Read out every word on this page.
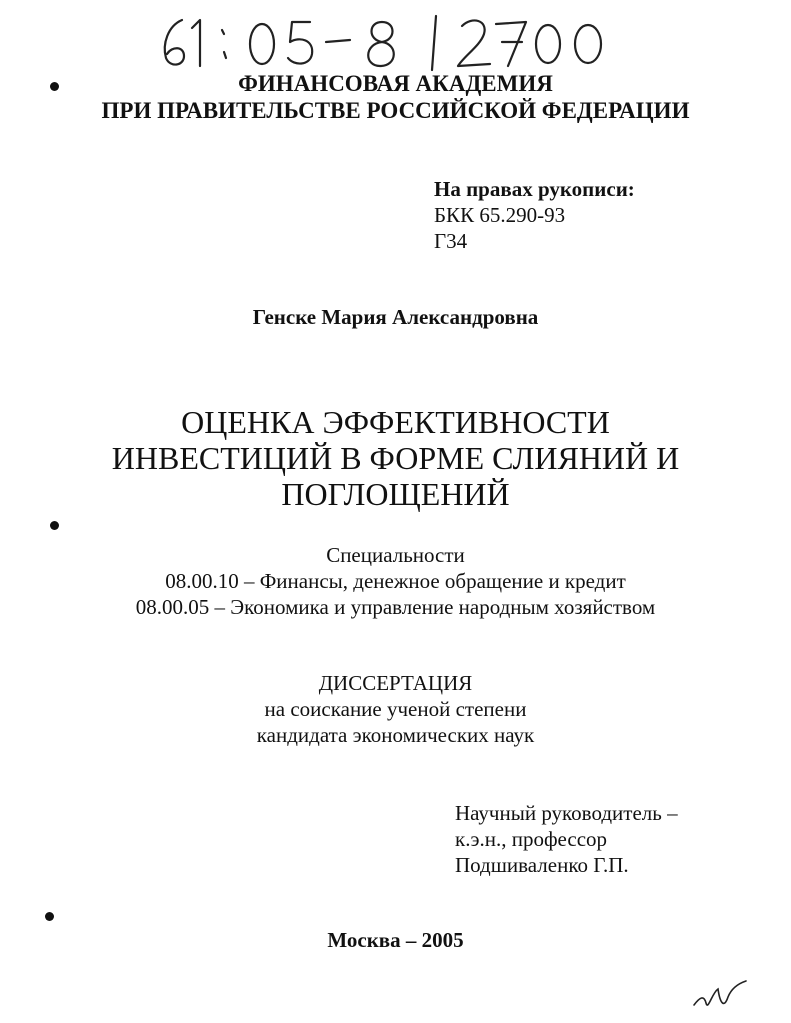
ФИНАНСОВАЯ АКАДЕМИЯ
ПРИ ПРАВИТЕЛЬСТВЕ РОССИЙСКОЙ ФЕДЕРАЦИИ
На правах рукописи:
БКК 65.290-93
Г34
Генске Мария Александровна
ОЦЕНКА ЭФФЕКТИВНОСТИ
ИНВЕСТИЦИЙ В ФОРМЕ СЛИЯНИЙ И
ПОГЛОЩЕНИЙ
Специальности
08.00.10 – Финансы, денежное обращение и кредит
08.00.05 – Экономика и управление народным хозяйством
ДИССЕРТАЦИЯ
на соискание ученой степени
кандидата экономических наук
Научный руководитель –
к.э.н., профессор
Подшиваленко Г.П.
Москва – 2005
